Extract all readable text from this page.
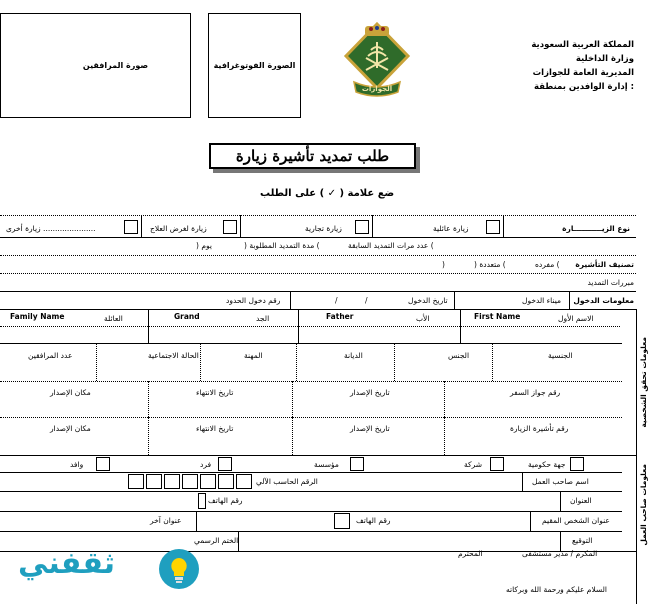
المملكة العربية السعودية
وزارة الداخلية
المديرية العامة للجوازات
إدارة الوافدين بمنطقة :
الجوازات
الصورة الفوتوغرافية
صورة المرافقين
طلب تمديد تأشيرة زيارة
ضع علامة ( ✓ ) على الطلب
نوع الزيـــــــــــارة
زيارة عائلية
زيارة تجارية
زيارة لغرض العلاج
زيارة أخرى ......................
عدد مرات التمديد السابقة (
) مدة التمديد المطلوبة (
) يوم
تصنيف التأشيرة
مفرده (
) متعددة (
)
مبررات التمديد
معلومات الدخول
ميناء الدخول
تاريخ الدخول
/
/
رقم دخول الحدود
معلومات تحقق الشخصية
الاسم الأول
First Name
الأب
Father
الجد
Grand
العائلة
Family Name
الجنسية
الجنس
الديانة
المهنة
الحالة الاجتماعية
عدد المرافقين
رقم جواز السفر
تاريخ الإصدار
تاريخ الانتهاء
مكان الإصدار
رقم تأشيرة الزيارة
تاريخ الإصدار
تاريخ الانتهاء
مكان الإصدار
معلومات صاحب العمل
جهة حكومية
شركة
مؤسسة
فرد
وافد
اسم صاحب العمل
الرقم الحاسب الآلي
العنوان
رقم الهاتف
عنوان الشخص المقيم
رقم الهاتف
عنوان آخر
التوقيع
الختم الرسمي
المكرم / مدير مستشفى
المحترم
السلام عليكم ورحمة الله وبركاته
ثقفني
